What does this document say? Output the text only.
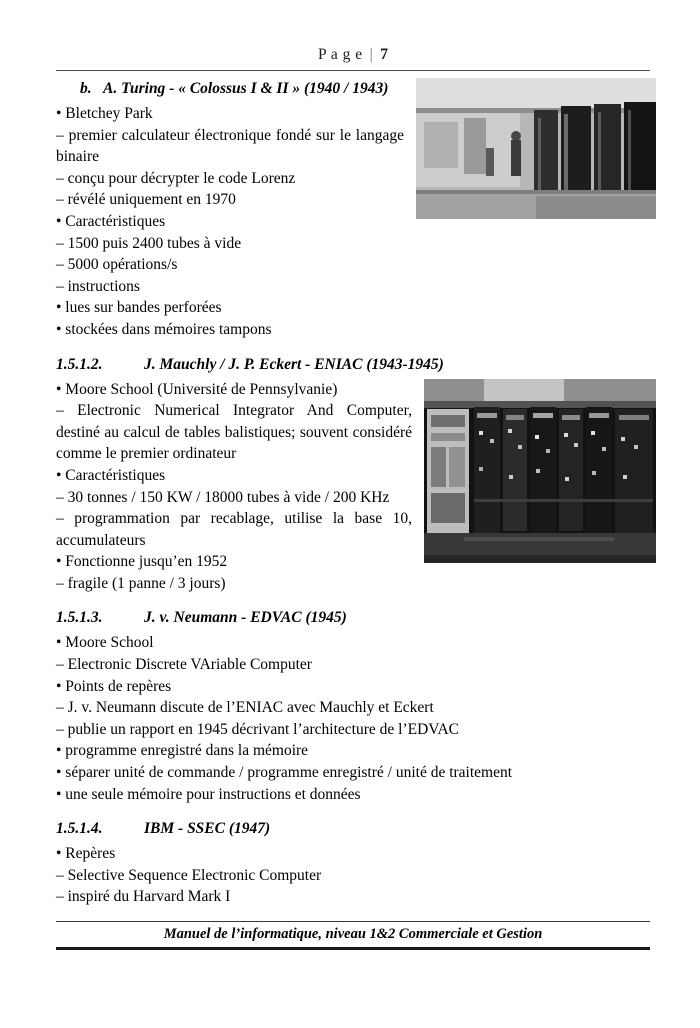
P a g e | 7
b. A. Turing - « Colossus I & II » (1940 / 1943)

• Bletchey Park

– premier calculateur électronique fondé sur le langage binaire

– conçu pour décrypter le code Lorenz

– révélé uniquement en 1970

• Caractéristiques

– 1500 puis 2400 tubes à vide

– 5000 opérations/s

– instructions

• lues sur bandes perforées

• stockées dans mémoires tampons

1.5.1.2.	J. Mauchly / J. P. Eckert - ENIAC (1943-1945)

• Moore School (Université de Pennsylvanie)

– Electronic Numerical Integrator And Computer, destiné au calcul de tables balistiques; souvent considéré comme le premier ordinateur

• Caractéristiques

– 30 tonnes / 150 KW / 18000 tubes à vide / 200 KHz

– programmation par recablage, utilise la base 10, accumulateurs

• Fonctionne jusqu’en 1952

– fragile (1 panne / 3 jours)

1.5.1.3.	J. v. Neumann - EDVAC (1945)

• Moore School

– Electronic Discrete VAriable Computer

• Points de repères

– J. v. Neumann discute de l’ENIAC avec Mauchly et Eckert

– publie un rapport en 1945 décrivant l’architecture de l’EDVAC

• programme enregistré dans la mémoire

• séparer unité de commande / programme enregistré / unité de traitement

• une seule mémoire pour instructions et données

1.5.1.4.	IBM - SSEC (1947)

• Repères

– Selective Sequence Electronic Computer

– inspiré du Harvard Mark I

Manuel de l’informatique, niveau 1&2 Commerciale et Gestion
